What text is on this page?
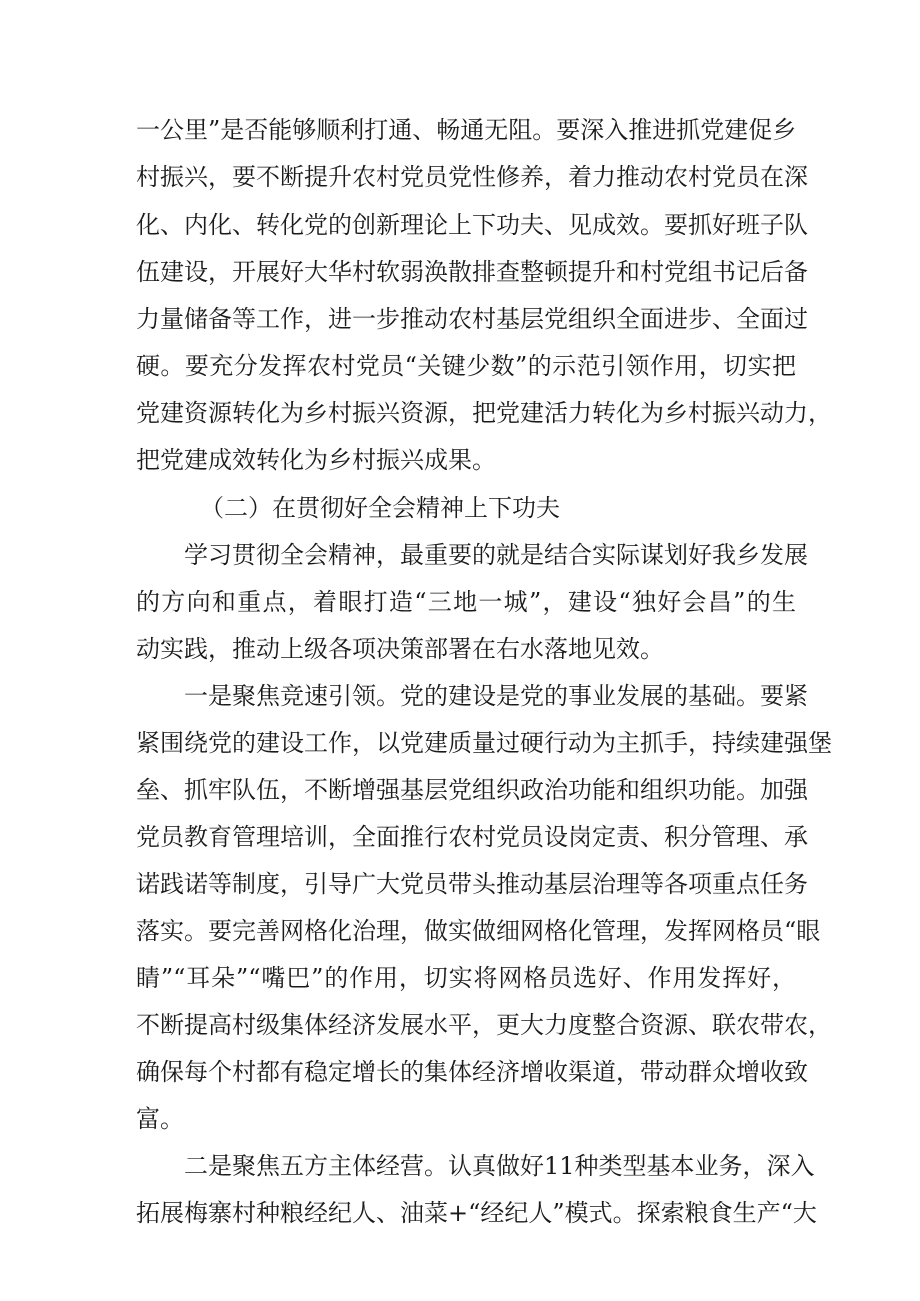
一公里”是否能够顺利打通、畅通无阻。要深入推进抓党建促乡
村振兴，要不断提升农村党员党性修养，着力推动农村党员在深
化、内化、转化党的创新理论上下功夫、见成效。要抓好班子队
伍建设，开展好大华村软弱涣散排查整顿提升和村党组书记后备
力量储备等工作，进一步推动农村基层党组织全面进步、全面过
硬。要充分发挥农村党员“关键少数”的示范引领作用，切实把
党建资源转化为乡村振兴资源，把党建活力转化为乡村振兴动力，
把党建成效转化为乡村振兴成果。
（二）在贯彻好全会精神上下功夫
学习贯彻全会精神，最重要的就是结合实际谋划好我乡发展
的方向和重点，着眼打造“三地一城”，建设“独好会昌”的生
动实践，推动上级各项决策部署在右水落地见效。
一是聚焦竞速引领。党的建设是党的事业发展的基础。要紧
紧围绕党的建设工作，以党建质量过硬行动为主抓手，持续建强堡
垒、抓牢队伍，不断增强基层党组织政治功能和组织功能。加强
党员教育管理培训，全面推行农村党员设岗定责、积分管理、承
诺践诺等制度，引导广大党员带头推动基层治理等各项重点任务
落实。要完善网格化治理，做实做细网格化管理，发挥网格员“眼
睛”“耳朵”“嘴巴”的作用，切实将网格员选好、作用发挥好，
不断提高村级集体经济发展水平，更大力度整合资源、联农带农，
确保每个村都有稳定增长的集体经济增收渠道，带动群众增收致
富。
二是聚焦五方主体经营。认真做好11种类型基本业务，深入
拓展梅寨村种粮经纪人、油菜+“经纪人”模式。探索粮食生产“大
